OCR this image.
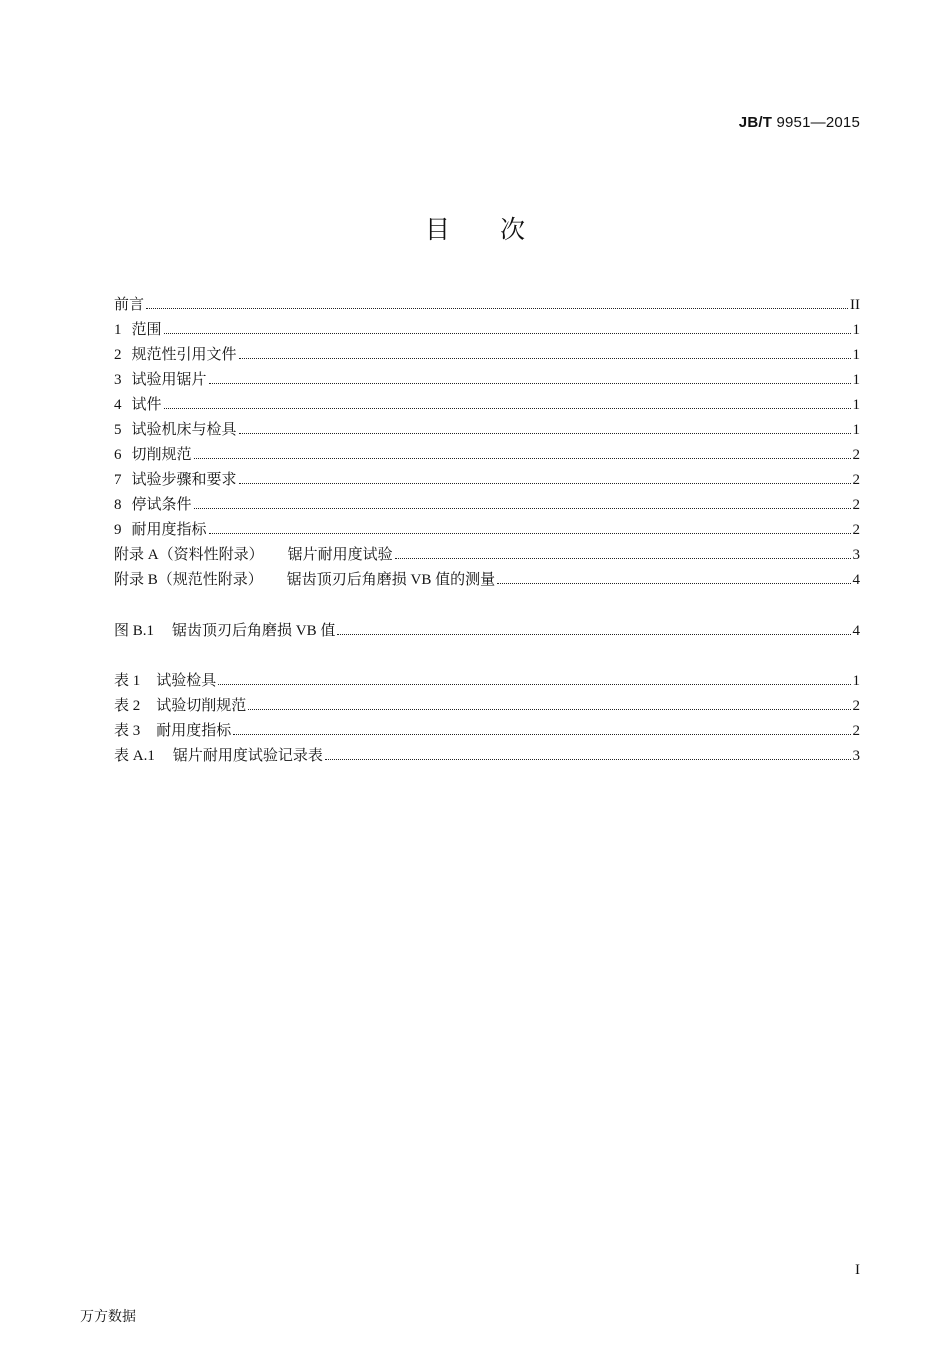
JB/T 9951—2015
目 次
前言	II
1 范围	1
2 规范性引用文件	1
3 试验用锯片	1
4 试件	1
5 试验机床与检具	1
6 切削规范	2
7 试验步骤和要求	2
8 停试条件	2
9 耐用度指标	2
附录 A（资料性附录） 锯片耐用度试验	3
附录 B（规范性附录） 锯齿顶刃后角磨损 VB 值的测量	4
图 B.1 锯齿顶刃后角磨损 VB 值	4
表 1 试验检具	1
表 2 试验切削规范	2
表 3 耐用度指标	2
表 A.1 锯片耐用度试验记录表	3
I
万方数据
